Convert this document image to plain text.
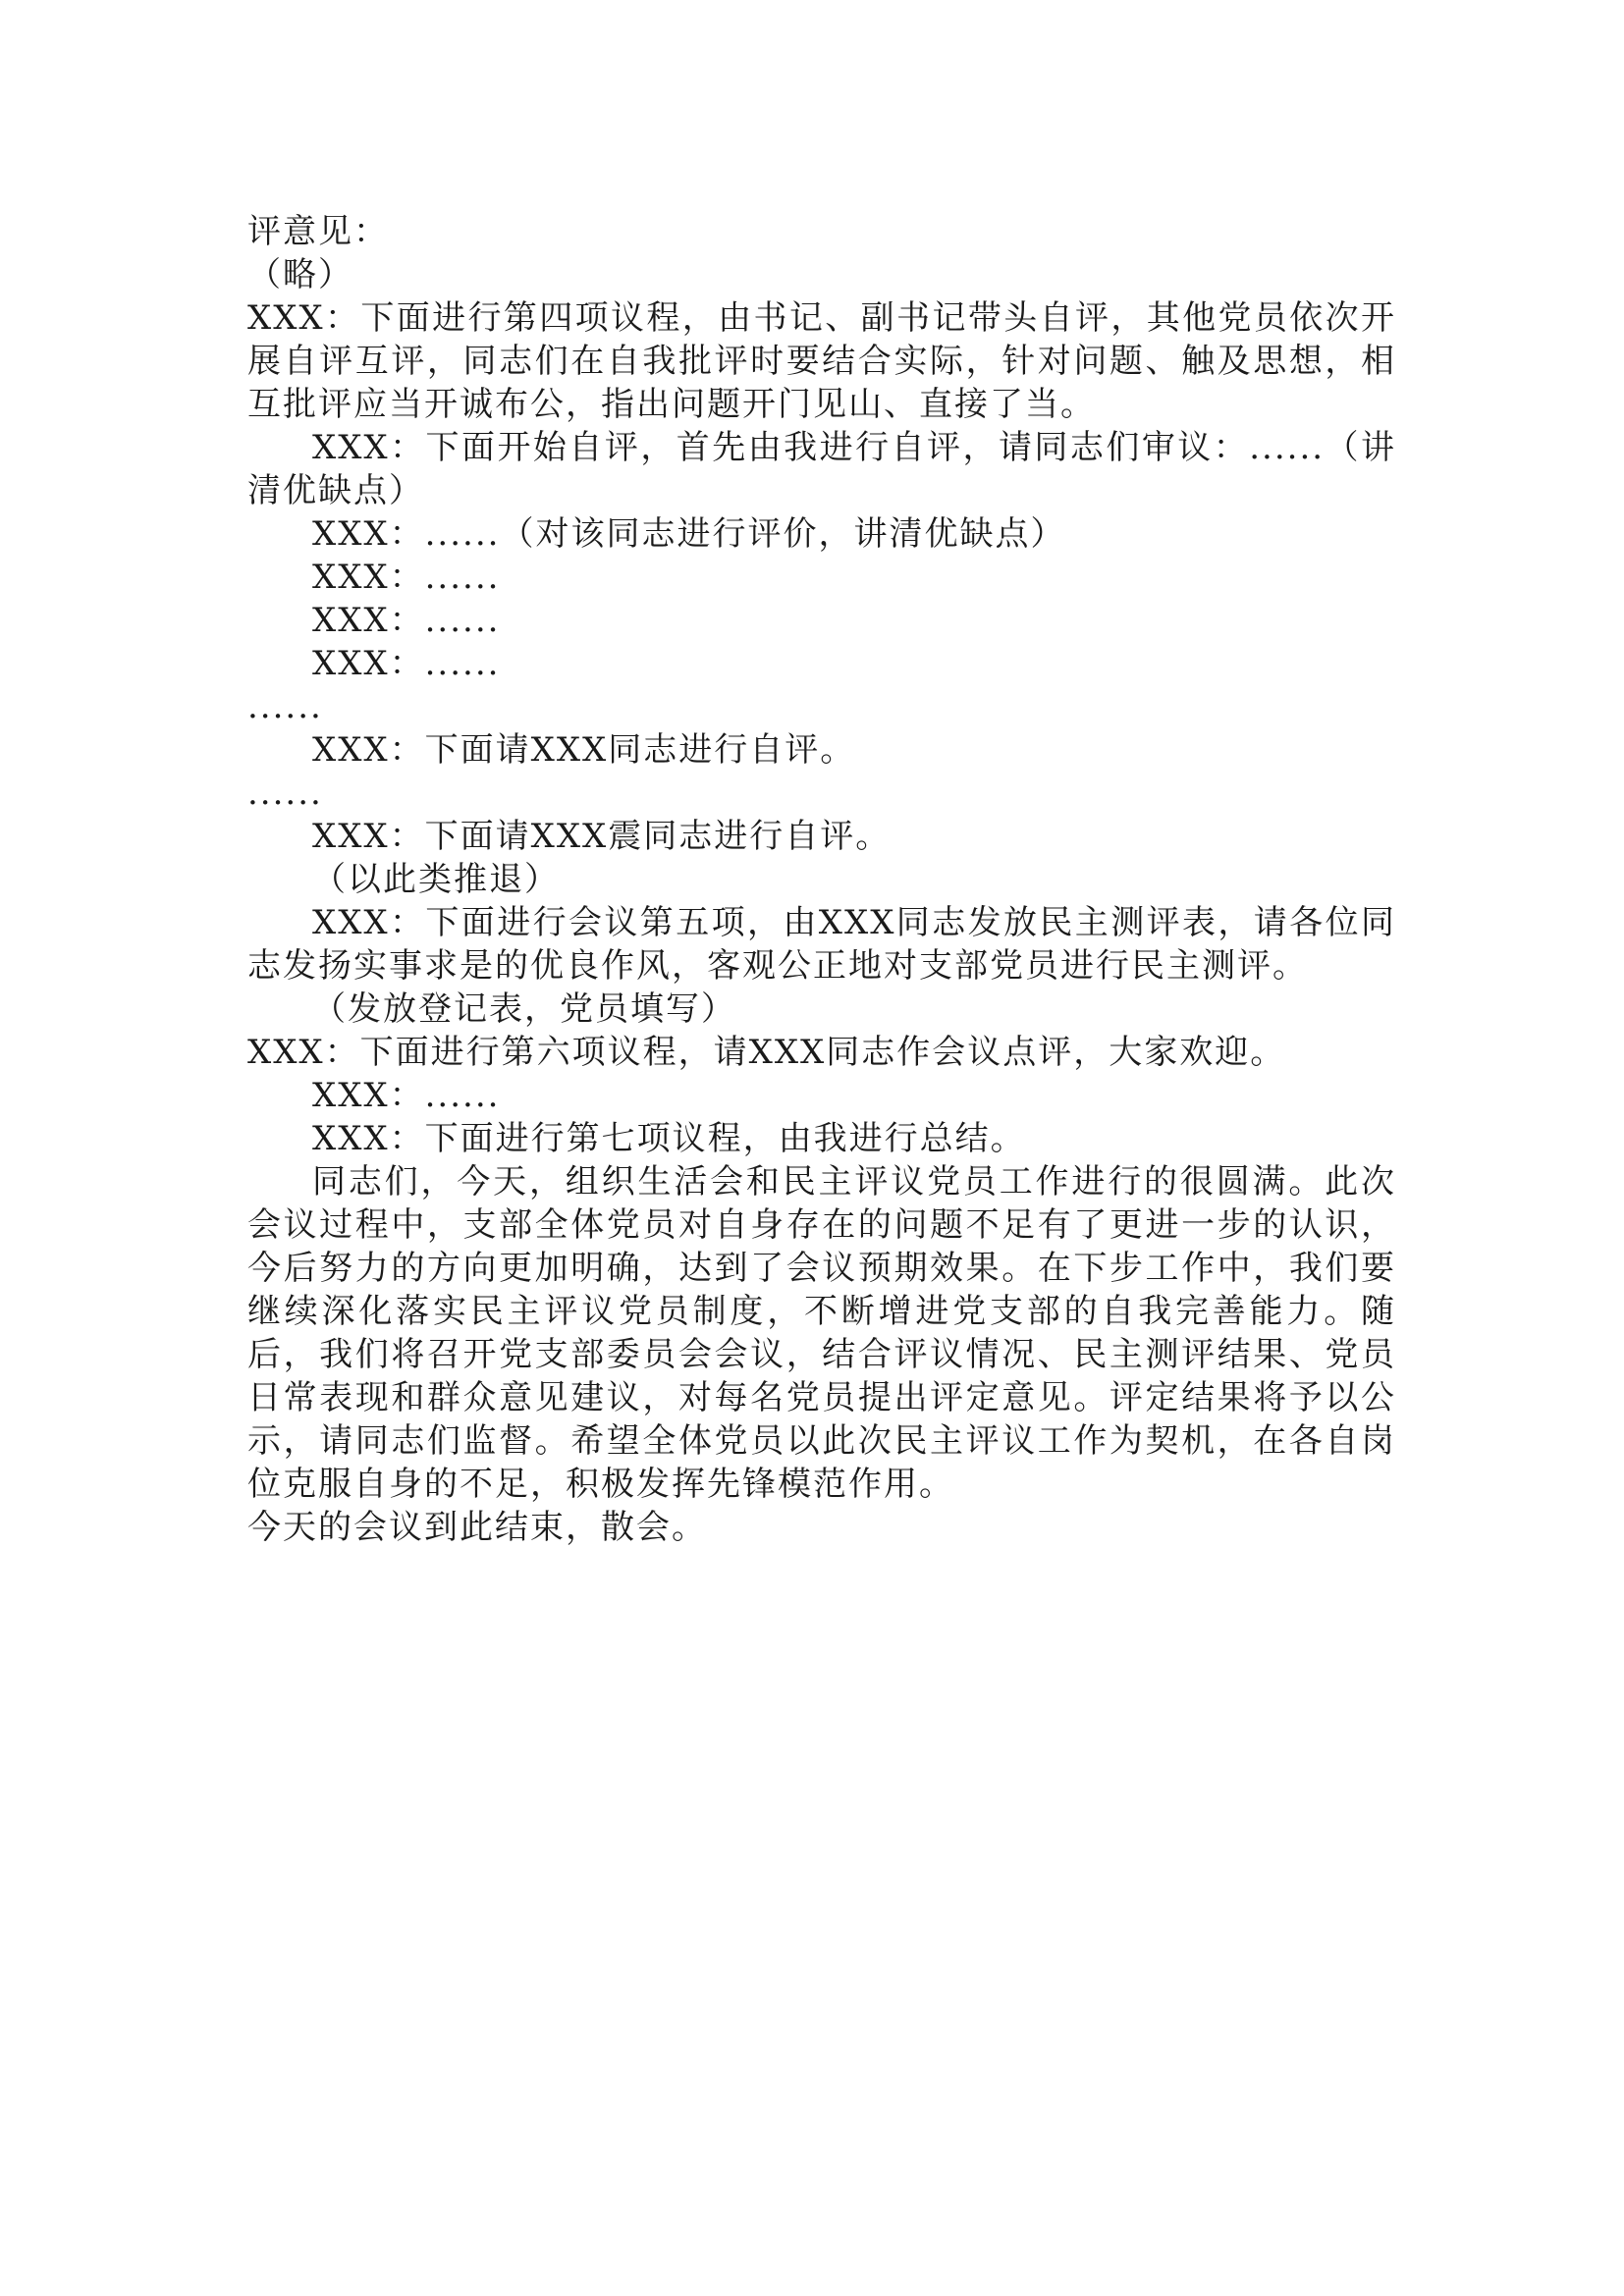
评意见：

（略）

XXX：下面进行第四项议程，由书记、副书记带头自评，其他党员依次开展自评互评，同志们在自我批评时要结合实际，针对问题、触及思想，相互批评应当开诚布公，指出问题开门见山、直接了当。

XXX：下面开始自评，首先由我进行自评，请同志们审议：......（讲清优缺点）

XXX：......（对该同志进行评价，讲清优缺点）

XXX：......

XXX：......

XXX：......

......

XXX：下面请XXX同志进行自评。

......

XXX：下面请XXX震同志进行自评。

（以此类推退）

XXX：下面进行会议第五项，由XXX同志发放民主测评表，请各位同志发扬实事求是的优良作风，客观公正地对支部党员进行民主测评。

（发放登记表，党员填写）

XXX：下面进行第六项议程，请XXX同志作会议点评，大家欢迎。

XXX：......

XXX：下面进行第七项议程，由我进行总结。

同志们，今天，组织生活会和民主评议党员工作进行的很圆满。此次会议过程中，支部全体党员对自身存在的问题不足有了更进一步的认识，今后努力的方向更加明确，达到了会议预期效果。在下步工作中，我们要继续深化落实民主评议党员制度，不断增进党支部的自我完善能力。随后，我们将召开党支部委员会会议，结合评议情况、民主测评结果、党员日常表现和群众意见建议，对每名党员提出评定意见。评定结果将予以公示，请同志们监督。希望全体党员以此次民主评议工作为契机，在各自岗位克服自身的不足，积极发挥先锋模范作用。

今天的会议到此结束，散会。
